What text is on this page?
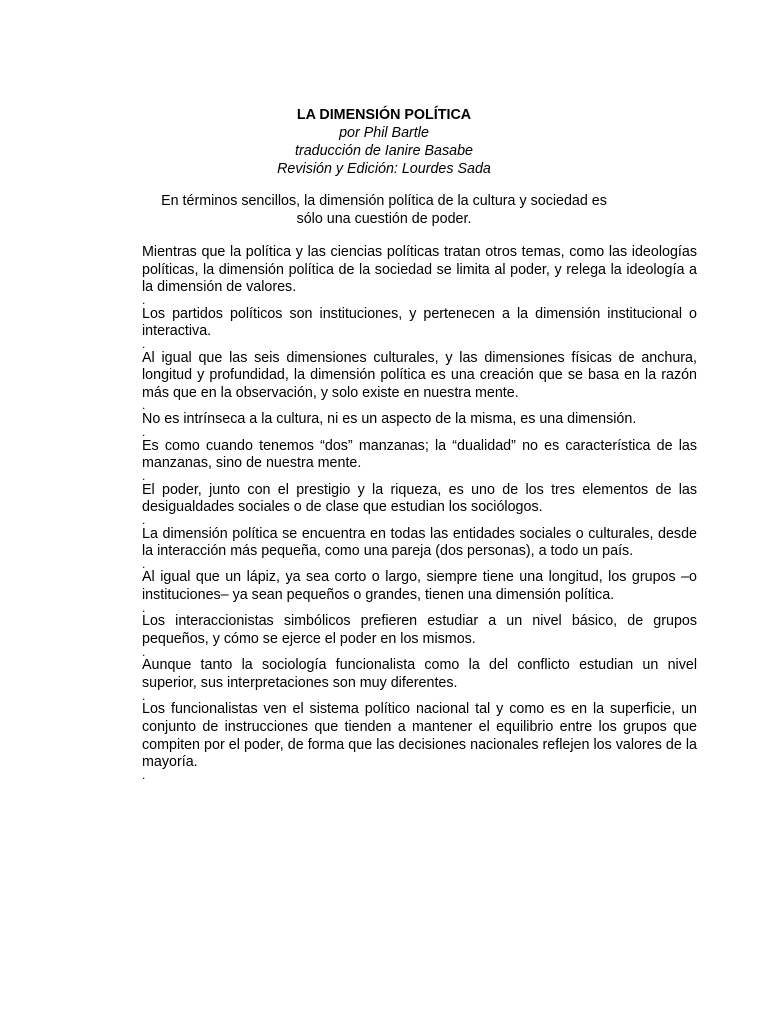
LA DIMENSIÓN POLÍTICA
por Phil Bartle
traducción de Ianire Basabe
Revisión y Edición: Lourdes Sada
En términos sencillos, la dimensión política de la cultura y sociedad es sólo una cuestión de poder.

Mientras que la política y las ciencias políticas tratan otros temas, como las ideologías políticas, la dimensión política de la sociedad se limita al poder, y relega la ideología a la dimensión de valores.

.

Los partidos políticos son instituciones, y pertenecen a la dimensión institucional o interactiva.

.

Al igual que las seis dimensiones culturales, y las dimensiones físicas de anchura, longitud y profundidad, la dimensión política es una creación que se basa en la razón más que en la observación, y solo existe en nuestra mente.

.

No es intrínseca a la cultura, ni es un aspecto de la misma, es una dimensión.

.

Es como cuando tenemos “dos” manzanas; la “dualidad” no es característica de las manzanas, sino de nuestra mente.

.

El poder, junto con el prestigio y la riqueza, es uno de los tres elementos de las desigualdades sociales o de clase que estudian los sociólogos.

.

La dimensión política se encuentra en todas las entidades sociales o culturales, desde la interacción más pequeña, como una pareja (dos personas), a todo un país.

.

Al igual que un lápiz, ya sea corto o largo, siempre tiene una longitud, los grupos –o instituciones– ya sean pequeños o grandes, tienen una dimensión política.

.

Los interaccionistas simbólicos prefieren estudiar a un nivel básico, de grupos pequeños, y cómo se ejerce el poder en los mismos.

.

Aunque tanto la sociología funcionalista como la del conflicto estudian un nivel superior, sus interpretaciones son muy diferentes.

.

Los funcionalistas ven el sistema político nacional tal y como es en la superficie, un conjunto de instrucciones que tienden a mantener el equilibrio entre los grupos que compiten por el poder, de forma que las decisiones nacionales reflejen los valores de la mayoría.

.
